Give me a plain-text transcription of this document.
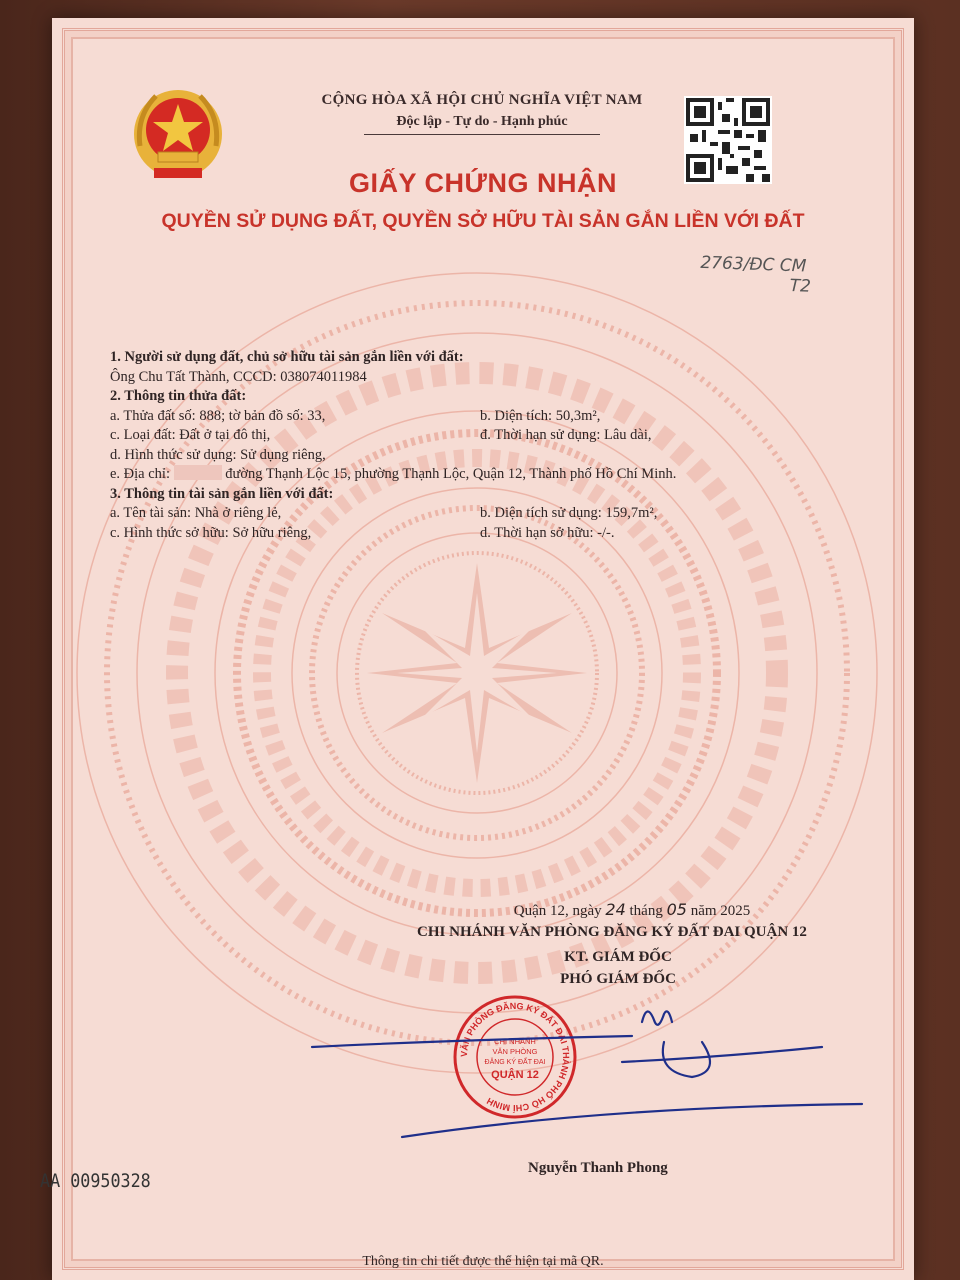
CỘNG HÒA XÃ HỘI CHỦ NGHĨA VIỆT NAM
Độc lập - Tự do - Hạnh phúc
GIẤY CHỨNG NHẬN
QUYỀN SỬ DỤNG ĐẤT, QUYỀN SỞ HỮU TÀI SẢN GẮN LIỀN VỚI ĐẤT
2763/ĐC CM
T2
1. Người sử dụng đất, chủ sở hữu tài sản gắn liền với đất:
Ông Chu Tất Thành, CCCD: 038074011984
2. Thông tin thửa đất:
a. Thửa đất số: 888; tờ bản đồ số: 33,	b. Diện tích: 50,3m²,
c. Loại đất: Đất ở tại đô thị,	đ. Thời hạn sử dụng: Lâu dài,
d. Hình thức sử dụng: Sử dụng riêng,
e. Địa chỉ:	đường Thạnh Lộc 15, phường Thạnh Lộc, Quận 12, Thành phố Hồ Chí Minh.
3. Thông tin tài sản gắn liền với đất:
a. Tên tài sản: Nhà ở riêng lẻ,	b. Diện tích sử dụng: 159,7m²,
c. Hình thức sở hữu: Sở hữu riêng,	d. Thời hạn sở hữu: -/-.
Quận 12, ngày 24 tháng 05 năm 2025
CHI NHÁNH VĂN PHÒNG ĐĂNG KÝ ĐẤT ĐAI QUẬN 12
KT. GIÁM ĐỐC
PHÓ GIÁM ĐỐC
VĂN PHÒNG ĐĂNG KÝ ĐẤT ĐAI THÀNH PHỐ HỒ CHÍ MINH
CHI NHÁNH
VĂN PHÒNG
ĐĂNG KÝ ĐẤT ĐAI
QUẬN 12
Nguyễn Thanh Phong
AA 00950328
Thông tin chi tiết được thể hiện tại mã QR.
